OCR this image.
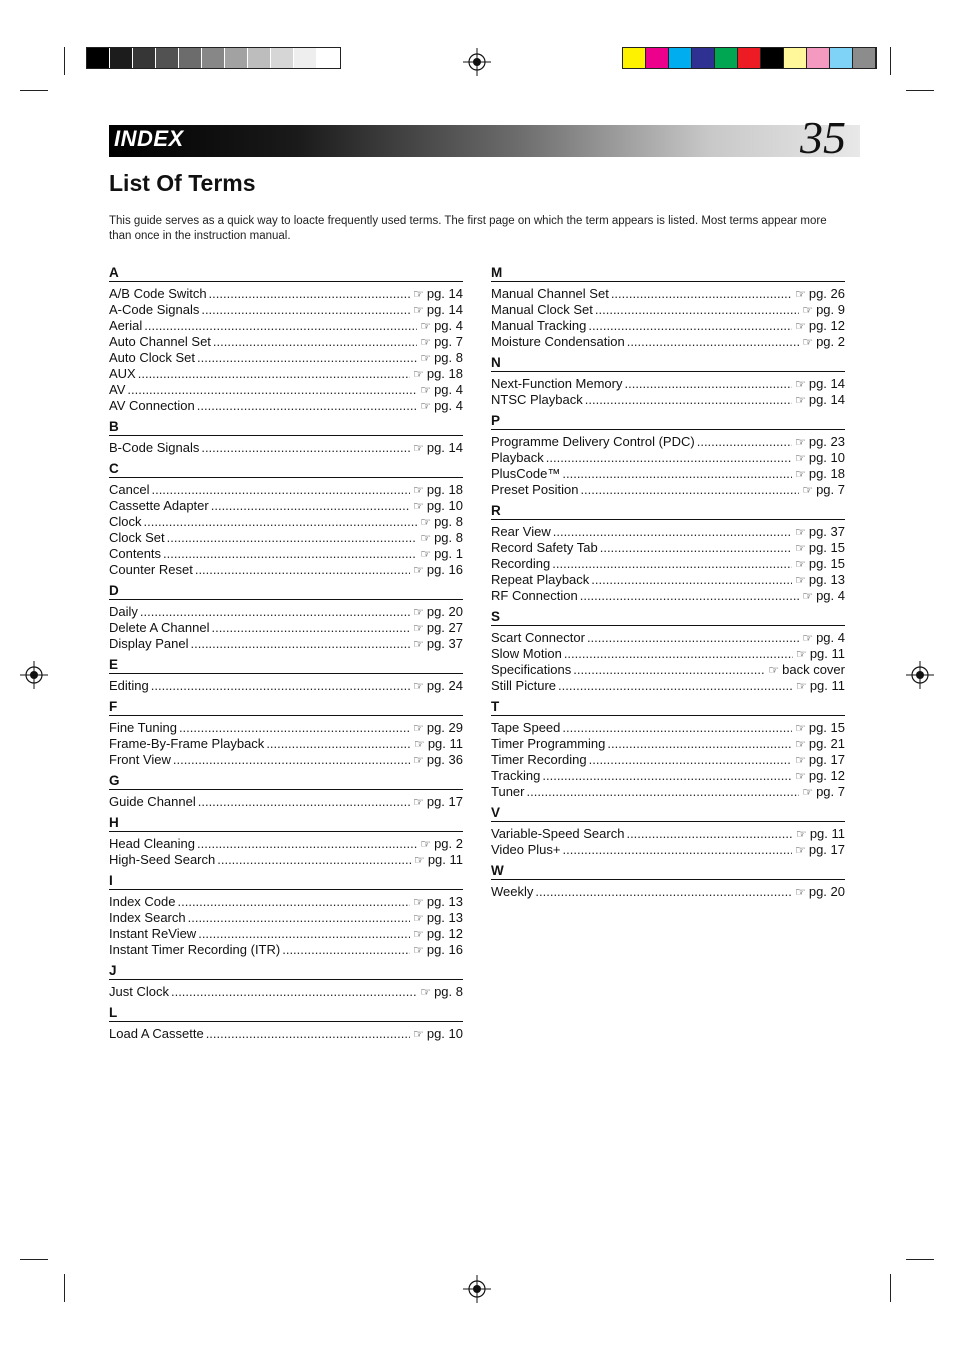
INDEX	35
List Of Terms
This guide serves as a quick way to loacte frequently used terms. The first page on which the term appears is listed. Most terms appear more than once in the instruction manual.
A
A/B Code Switch .....	☞ pg. 14
A-Code Signals .....	☞ pg. 14
Aerial .....	☞ pg. 4
Auto Channel Set .....	☞ pg. 7
Auto Clock Set .....	☞ pg. 8
AUX .....	☞ pg. 18
AV .....	☞ pg. 4
AV Connection .....	☞ pg. 4
B
B-Code Signals .....	☞ pg. 14
C
Cancel .....	☞ pg. 18
Cassette Adapter .....	☞ pg. 10
Clock .....	☞ pg. 8
Clock Set .....	☞ pg. 8
Contents .....	☞ pg. 1
Counter Reset .....	☞ pg. 16
D
Daily .....	☞ pg. 20
Delete A Channel .....	☞ pg. 27
Display Panel .....	☞ pg. 37
E
Editing .....	☞ pg. 24
F
Fine Tuning .....	☞ pg. 29
Frame-By-Frame Playback .....	☞ pg. 11
Front View .....	☞ pg. 36
G
Guide Channel .....	☞ pg. 17
H
Head Cleaning .....	☞ pg. 2
High-Seed Search .....	☞ pg. 11
I
Index Code .....	☞ pg. 13
Index Search .....	☞ pg. 13
Instant ReView .....	☞ pg. 12
Instant Timer Recording (ITR) .....	☞ pg. 16
J
Just Clock .....	☞ pg. 8
L
Load A Cassette .....	☞ pg. 10
M
Manual Channel Set .....	☞ pg. 26
Manual Clock Set .....	☞ pg. 9
Manual Tracking .....	☞ pg. 12
Moisture Condensation .....	☞ pg. 2
N
Next-Function Memory .....	☞ pg. 14
NTSC Playback .....	☞ pg. 14
P
Programme Delivery Control (PDC) .....	☞ pg. 23
Playback .....	☞ pg. 10
PlusCode™ .....	☞ pg. 18
Preset Position .....	☞ pg. 7
R
Rear View .....	☞ pg. 37
Record Safety Tab .....	☞ pg. 15
Recording .....	☞ pg. 15
Repeat Playback .....	☞ pg. 13
RF Connection .....	☞ pg. 4
S
Scart Connector .....	☞ pg. 4
Slow Motion .....	☞ pg. 11
Specifications .....	☞ back cover
Still Picture .....	☞ pg. 11
T
Tape Speed .....	☞ pg. 15
Timer Programming .....	☞ pg. 21
Timer Recording .....	☞ pg. 17
Tracking .....	☞ pg. 12
Tuner .....	☞ pg. 7
V
Variable-Speed Search .....	☞ pg. 11
Video Plus+ .....	☞ pg. 17
W
Weekly .....	☞ pg. 20
